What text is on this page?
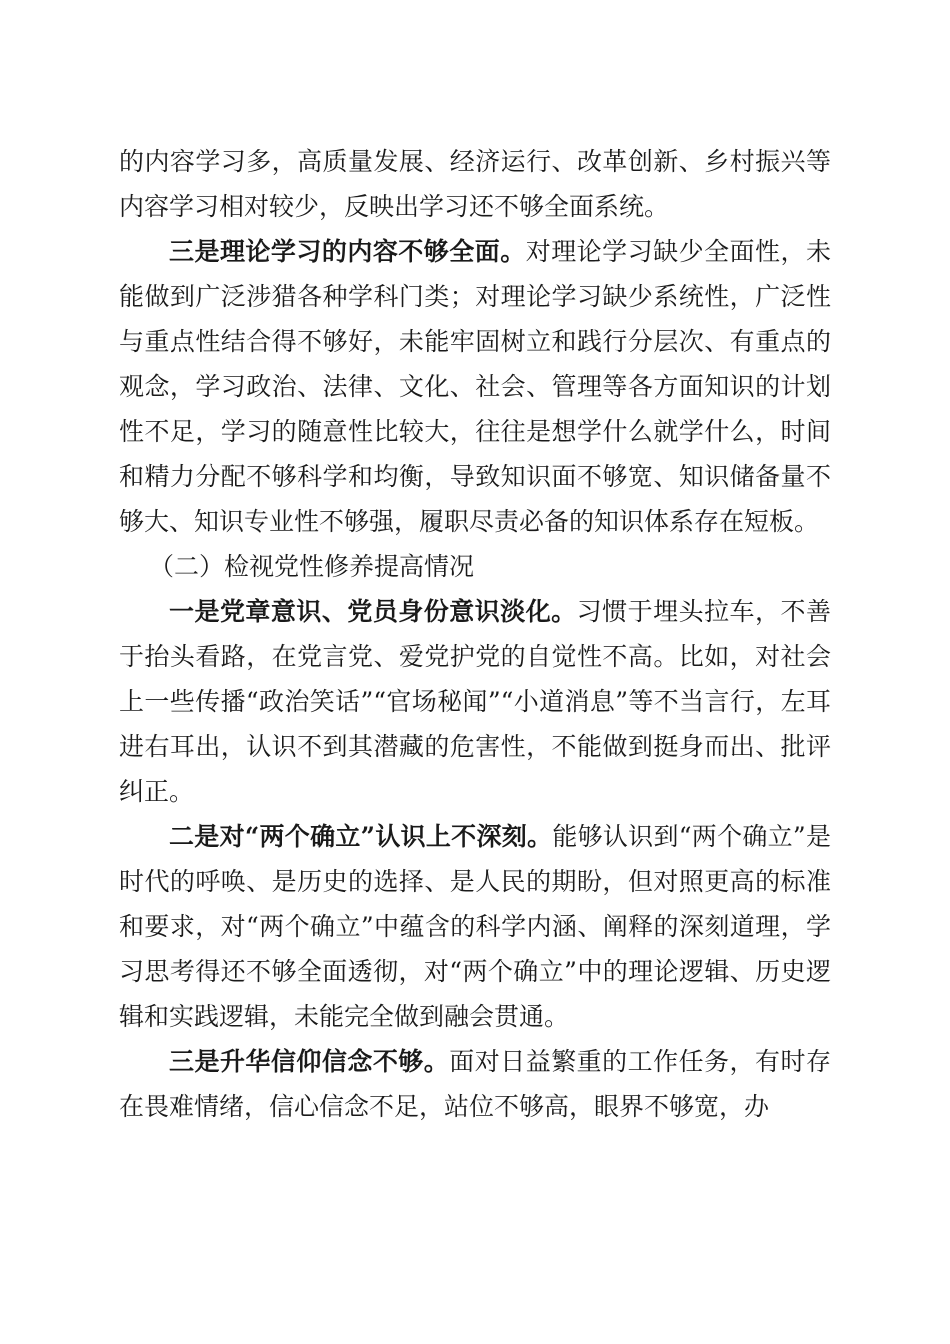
的内容学习多，高质量发展、经济运行、改革创新、乡村振兴等内容学习相对较少，反映出学习还不够全面系统。

三是理论学习的内容不够全面。对理论学习缺少全面性，未能做到广泛涉猎各种学科门类；对理论学习缺少系统性，广泛性与重点性结合得不够好，未能牢固树立和践行分层次、有重点的观念，学习政治、法律、文化、社会、管理等各方面知识的计划性不足，学习的随意性比较大，往往是想学什么就学什么，时间和精力分配不够科学和均衡，导致知识面不够宽、知识储备量不够大、知识专业性不够强，履职尽责必备的知识体系存在短板。

（二）检视党性修养提高情况

一是党章意识、党员身份意识淡化。习惯于埋头拉车，不善于抬头看路，在党言党、爱党护党的自觉性不高。比如，对社会上一些传播“政治笑话”“官场秘闻”“小道消息”等不当言行，左耳进右耳出，认识不到其潜藏的危害性，不能做到挺身而出、批评纠正。

二是对“两个确立”认识上不深刻。能够认识到“两个确立”是时代的呼唤、是历史的选择、是人民的期盼，但对照更高的标准和要求，对“两个确立”中蕴含的科学内涵、阐释的深刻道理，学习思考得还不够全面透彻，对“两个确立”中的理论逻辑、历史逻辑和实践逻辑，未能完全做到融会贯通。

三是升华信仰信念不够。面对日益繁重的工作任务，有时存在畏难情绪，信心信念不足，站位不够高，眼界不够宽，办
